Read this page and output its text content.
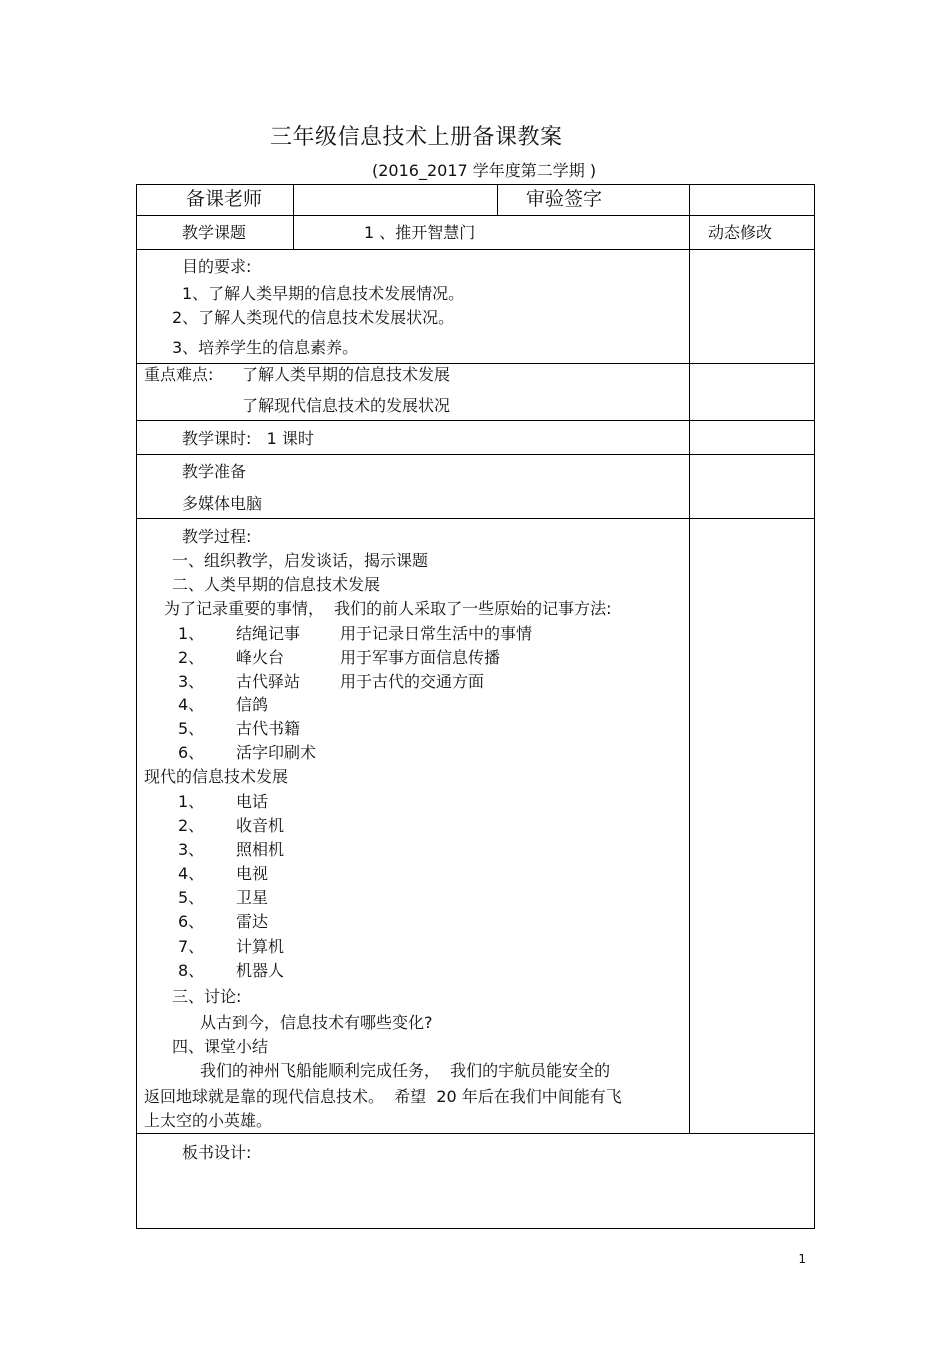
三年级信息技术上册备课教案
(2016_2017 学年度第二学期 )
备课老师	审验签字
教学课题	1 、推开智慧门	动态修改
目的要求:
1、了解人类早期的信息技术发展情况。
2、了解人类现代的信息技术发展状况。
3、培养学生的信息素养。
重点难点: 了解人类早期的信息技术发展
了解现代信息技术的发展状况
教学课时:   1 课时
教学准备
多媒体电脑
教学过程:
一、组织教学，启发谈话，揭示课题
二、人类早期的信息技术发展
为了记录重要的事情，  我们的前人采取了一些原始的记事方法:
1、 结绳记事 用于记录日常生活中的事情
2、 峰火台	用于军事方面信息传播
3、 古代驿站 用于古代的交通方面
4、 信鸽
5、 古代书籍
6、 活字印刷术
现代的信息技术发展
1、 电话
2、 收音机
3、 照相机
4、 电视
5、 卫星
6、 雷达
7、 计算机
8、 机器人
三、讨论:
从古到今，信息技术有哪些变化?
四、课堂小结
我们的神州飞船能顺利完成任务，  我们的宇航员能安全的
返回地球就是靠的现代信息技术。  希望  20 年后在我们中间能有飞
上太空的小英雄。
板书设计:
1
